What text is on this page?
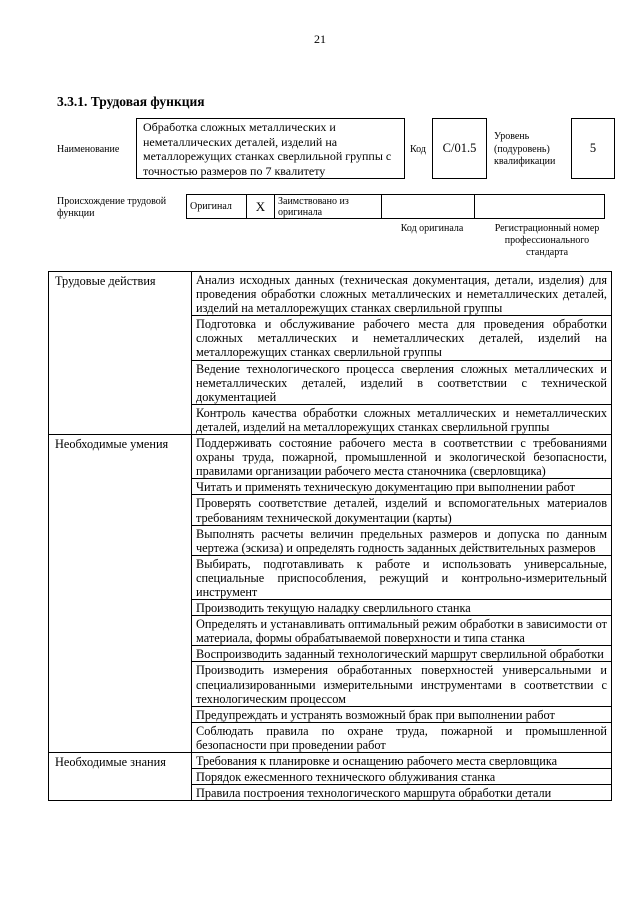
21
3.3.1. Трудовая функция
Наименование
Обработка сложных металлических и неметаллических деталей, изделий на металлорежущих станках сверлильной группы с точностью размеров по 7 квалитету
Код	C/01.5
Уровень (подуровень) квалификации
5
Происхождение трудовой функции
Оригинал	X	Заимствовано из оригинала		
Код оригинала	Регистрационный номер профессионального стандарта
Трудовые действия	Анализ исходных данных (техническая документация, детали, изделия) для проведения обработки сложных металлических и неметаллических деталей, изделий на металлорежущих станках сверлильной группы
	Подготовка и обслуживание рабочего места для проведения обработки сложных металлических и неметаллических деталей, изделий на металлорежущих станках сверлильной группы
	Ведение технологического процесса сверления сложных металлических и неметаллических деталей, изделий в соответствии с технической документацией
	Контроль качества обработки сложных металлических и неметаллических деталей, изделий на металлорежущих станках сверлильной группы
Необходимые умения	Поддерживать состояние рабочего места в соответствии с требованиями охраны труда, пожарной, промышленной и экологической безопасности, правилами организации рабочего места станочника (сверловщика)
	Читать и применять техническую документацию при выполнении работ
	Проверять соответствие деталей, изделий и вспомогательных материалов требованиям технической документации (карты)
	Выполнять расчеты величин предельных размеров и допуска по данным чертежа (эскиза) и определять годность заданных действительных размеров
	Выбирать, подготавливать к работе и использовать универсальные, специальные приспособления, режущий и контрольно-измерительный инструмент
	Производить текущую наладку сверлильного станка
	Определять и устанавливать оптимальный режим обработки в зависимости от материала, формы обрабатываемой поверхности и типа станка
	Воспроизводить заданный технологический маршрут сверлильной обработки
	Производить измерения обработанных поверхностей универсальными и специализированными измерительными инструментами в соответствии с технологическим процессом
	Предупреждать и устранять возможный брак при выполнении работ
	Соблюдать правила по охране труда, пожарной и промышленной безопасности при проведении работ
Необходимые знания	Требования к планировке и оснащению рабочего места сверловщика
	Порядок ежесменного технического облуживания станка
	Правила построения технологического маршрута обработки детали
